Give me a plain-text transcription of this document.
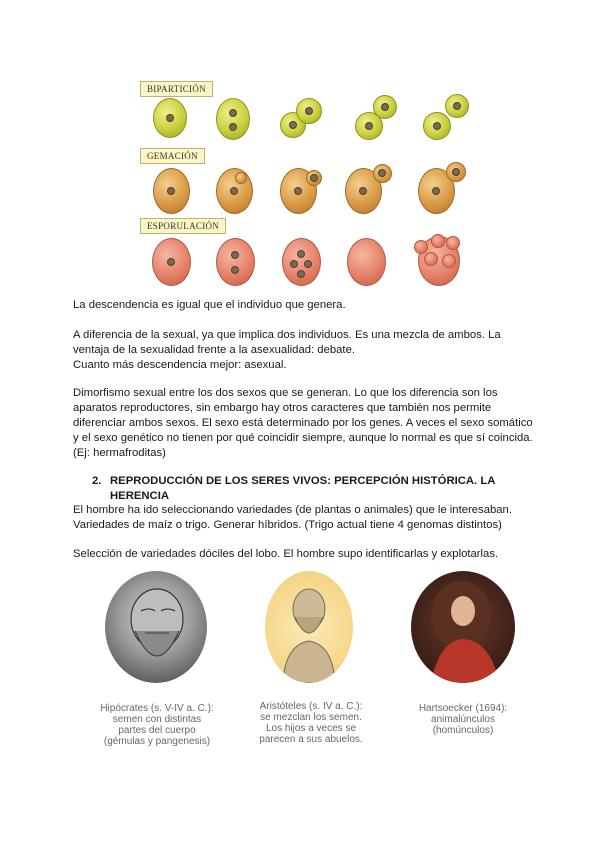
BIPARTICIÓN
GEMACIÓN
ESPORULACIÓN

La descendencia es igual que el individuo que genera.

A diferencia de la sexual, ya que implica dos individuos. Es una mezcla de ambos. La ventaja de la sexualidad frente a la asexualidad: debate.

Cuanto más descendencia mejor: asexual.

Dimorfismo sexual entre los dos sexos que se generan. Lo que los diferencia son los aparatos reproductores, sin embargo hay otros caracteres que también nos permite diferenciar ambos sexos. El sexo está determinado por los genes. A veces el sexo somático y el sexo genético no tienen por qué coincidir siempre, aunque lo normal es que sí coincida. (Ej: hermafroditas)

2. REPRODUCCIÓN DE LOS SERES VIVOS: PERCEPCIÓN HISTÓRICA. LA HERENCIA

El hombre ha ido seleccionando variedades (de plantas o animales) que le interesaban.

Variedades de maíz o trigo. Generar híbridos. (Trigo actual tiene 4 genomas distintos)

Selección de variedades dóciles del lobo. El hombre supo identificarlas y explotarlas.

Hipócrates (s. V-IV a. C.):
semen con distintas
partes del cuerpo
(gémulas y pangenesis)
Aristóteles (s. IV a. C.):
se mezclan los semen.
Los hijos a veces se
parecen a sus abuelos.
Hartsoecker (1694):
animalúnculos
(homúnculos)
